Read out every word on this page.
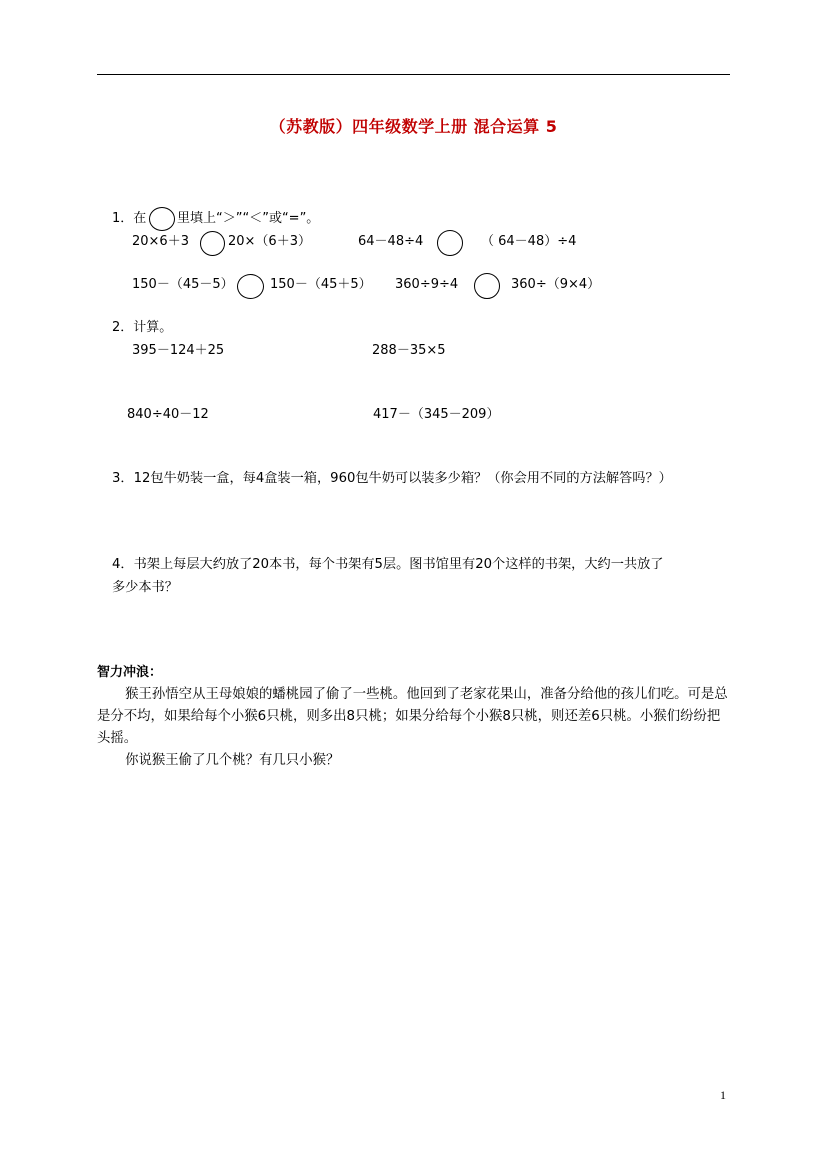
（苏教版）四年级数学上册 混合运算 5
1．在 里填上“＞”“＜”或“=”。
20×6＋3	20×（6＋3）	64－48÷4	（ 64－48）÷4
150－（45－5）	150－（45＋5） 360÷9÷4	360÷（9×4）
2．计算。
395－124＋25	288－35×5
840÷40－12	417－（345－209）
3．12包牛奶装一盒，每4盒装一箱，960包牛奶可以装多少箱？（你会用不同的方法解答吗？）
4．书架上每层大约放了20本书，每个书架有5层。图书馆里有20个这样的书架，大约一共放了
多少本书？
智力冲浪：
猴王孙悟空从王母娘娘的蟠桃园了偷了一些桃。他回到了老家花果山，准备分给他的孩儿们吃。可是总是分不均，如果给每个小猴6只桃，则多出8只桃；如果分给每个小猴8只桃，则还差6只桃。小猴们纷纷把头摇。
你说猴王偷了几个桃？有几只小猴？
1
